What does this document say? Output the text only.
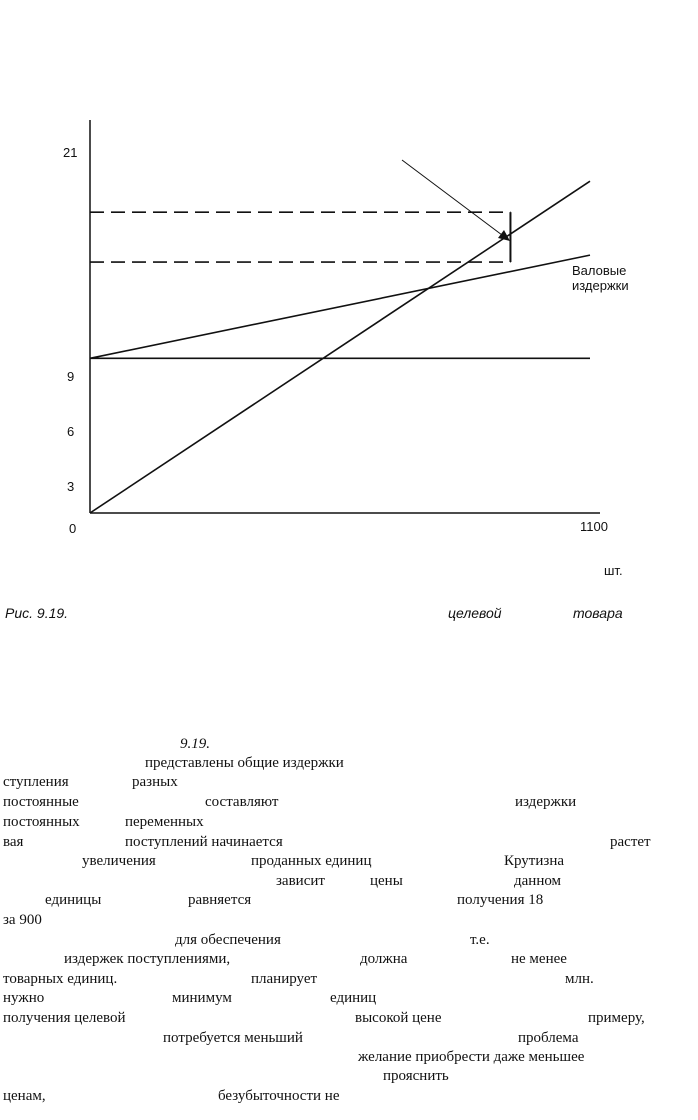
21
9
6
3
0	1100
шт.
Валовые
издержки
Рис. 9.19.	целевой	товара
9.19.
представлены общие издержки
ступления	разных
постоянные	составляют	издержки
постоянных	переменных
вая	поступлений начинается	растет
увеличения	проданных единиц	Крутизна
зависит	цены	данном
единицы	равняется	получения 18
за 900
для обеспечения	т.е.
издержек поступлениями,	должна	не менее
товарных единиц.	планирует	млн.
нужно	минимум	единиц
получения целевой	высокой цене	примеру,
потребуется меньший	проблема
желание приобрести даже меньшее
прояснить
ценам,	безубыточности не
